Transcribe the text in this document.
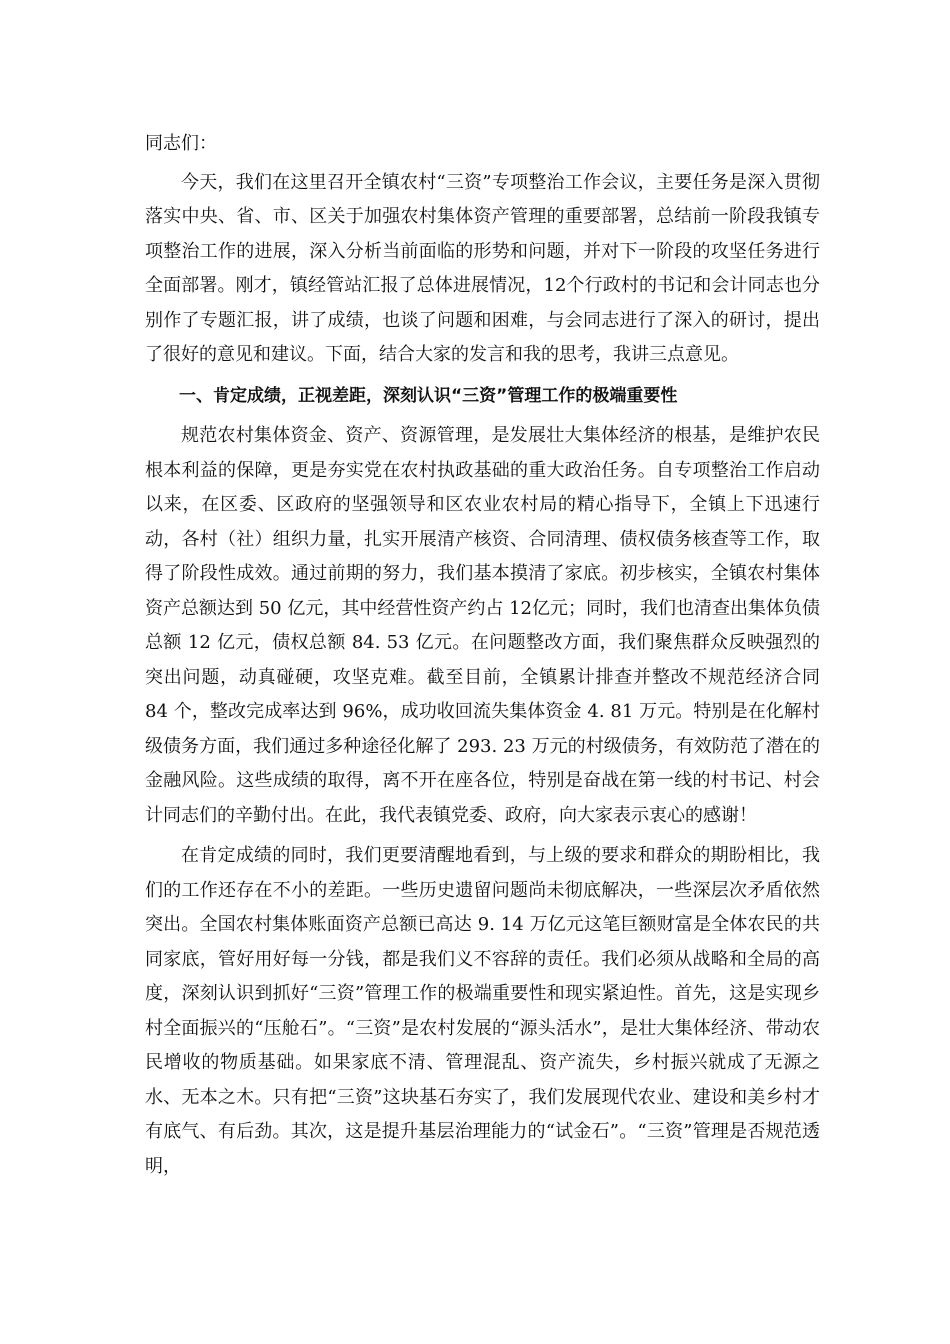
同志们：

今天，我们在这里召开全镇农村“三资”专项整治工作会议，主要任务是深入贯彻落实中央、省、市、区关于加强农村集体资产管理的重要部署，总结前一阶段我镇专项整治工作的进展，深入分析当前面临的形势和问题，并对下一阶段的攻坚任务进行全面部署。刚才，镇经管站汇报了总体进展情况，12个行政村的书记和会计同志也分别作了专题汇报，讲了成绩，也谈了问题和困难，与会同志进行了深入的研讨，提出了很好的意见和建议。下面，结合大家的发言和我的思考，我讲三点意见。

一、肯定成绩，正视差距，深刻认识“三资”管理工作的极端重要性

规范农村集体资金、资产、资源管理，是发展壮大集体经济的根基，是维护农民根本利益的保障，更是夯实党在农村执政基础的重大政治任务。自专项整治工作启动以来，在区委、区政府的坚强领导和区农业农村局的精心指导下，全镇上下迅速行动，各村（社）组织力量，扎实开展清产核资、合同清理、债权债务核查等工作，取得了阶段性成效。通过前期的努力，我们基本摸清了家底。初步核实，全镇农村集体资产总额达到 50 亿元，其中经营性资产约占 12亿元；同时，我们也清查出集体负债总额 12 亿元，债权总额 84. 53 亿元。在问题整改方面，我们聚焦群众反映强烈的突出问题，动真碰硬，攻坚克难。截至目前，全镇累计排查并整改不规范经济合同 84 个，整改完成率达到 96%，成功收回流失集体资金 4. 81 万元。特别是在化解村级债务方面，我们通过多种途径化解了 293. 23 万元的村级债务，有效防范了潜在的金融风险。这些成绩的取得，离不开在座各位，特别是奋战在第一线的村书记、村会计同志们的辛勤付出。在此，我代表镇党委、政府，向大家表示衷心的感谢！

在肯定成绩的同时，我们更要清醒地看到，与上级的要求和群众的期盼相比，我们的工作还存在不小的差距。一些历史遗留问题尚未彻底解决，一些深层次矛盾依然突出。全国农村集体账面资产总额已高达 9. 14 万亿元这笔巨额财富是全体农民的共同家底，管好用好每一分钱，都是我们义不容辞的责任。我们必须从战略和全局的高度，深刻认识到抓好“三资”管理工作的极端重要性和现实紧迫性。首先，这是实现乡村全面振兴的“压舱石”。“三资”是农村发展的“源头活水”，是壮大集体经济、带动农民增收的物质基础。如果家底不清、管理混乱、资产流失，乡村振兴就成了无源之水、无本之木。只有把“三资”这块基石夯实了，我们发展现代农业、建设和美乡村才有底气、有后劲。其次，这是提升基层治理能力的“试金石”。“三资”管理是否规范透明，
